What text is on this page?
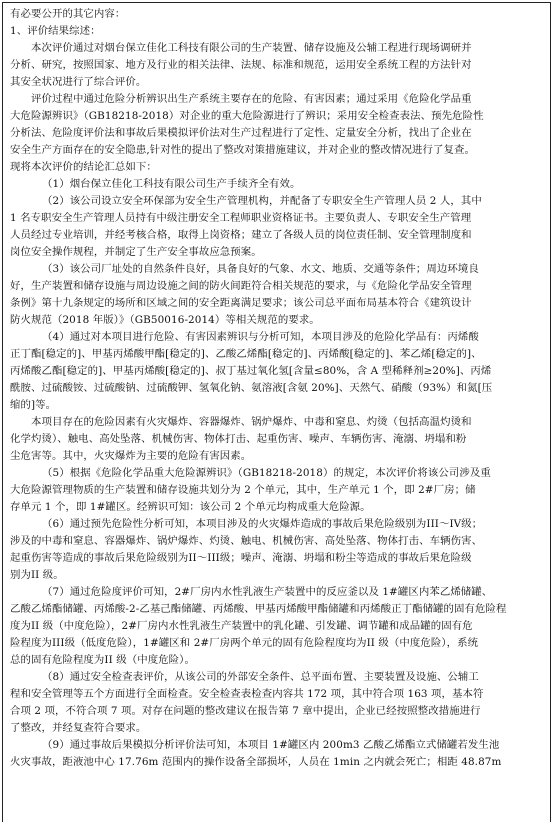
有必要公开的其它内容：
1、评价结果综述：
本次评价通过对烟台保立佳化工科技有限公司的生产装置、储存设施及公辅工程进行现场调研并
分析、研究，按照国家、地方及行业的相关法律、法规、标准和规范，运用安全系统工程的方法针对
其安全状况进行了综合评价。
评价过程中通过危险分析辨识出生产系统主要存在的危险、有害因素；通过采用《危险化学品重
大危险源辨识》（GB18218-2018）对企业的重大危险源进行了辨识；采用安全检查表法、预先危险性
分析法、危险度评价法和事故后果模拟评价法对生产过程进行了定性、定量安全分析，找出了企业在
安全生产方面存在的安全隐患,针对性的提出了整改对策措施建议，并对企业的整改情况进行了复查。
现将本次评价的结论汇总如下：
（1）烟台保立佳化工科技有限公司生产手续齐全有效。
（2）该公司设立安全环保部为安全生产管理机构，并配备了专职安全生产管理人员 2 人，其中
1 名专职安全生产管理人员持有中级注册安全工程师职业资格证书。主要负责人、专职安全生产管理
人员经过专业培训，并经考核合格，取得上岗资格；建立了各级人员的岗位责任制、安全管理制度和
岗位安全操作规程，并制定了生产安全事故应急预案。
（3）该公司厂址处的自然条件良好，具备良好的气象、水文、地质、交通等条件；周边环境良
好，生产装置和储存设施与周边设施之间的防火间距符合相关规范的要求，与《危险化学品安全管理
条例》第十九条规定的场所和区域之间的安全距离满足要求；该公司总平面布局基本符合《建筑设计
防火规范（2018 年版）》（GB50016-2014）等相关规范的要求。
（4）通过对本项目进行危险、有害因素辨识与分析可知，本项目涉及的危险化学品有：丙烯酸
正丁酯[稳定的]、甲基丙烯酸甲酯[稳定的]、乙酸乙烯酯[稳定的]、丙烯酸[稳定的]、苯乙烯[稳定的]、
丙烯酸乙酯[稳定的]、甲基丙烯酸[稳定的]、叔丁基过氧化氢[含量≤80%，含 A 型稀释剂≥20%]、丙烯
酰胺、过硫酸铵、过硫酸钠、过硫酸钾、氢氧化钠、氨溶液[含氨 20%]、天然气、硝酸（93%）和氮[压
缩的]等。
本项目存在的危险因素有火灾爆炸、容器爆炸、锅炉爆炸、中毒和窒息、灼烫（包括高温灼烫和
化学灼烫）、触电、高处坠落、机械伤害、物体打击、起重伤害、噪声、车辆伤害、淹溺、坍塌和粉
尘危害等。其中，火灾爆炸为主要的危险有害因素。
（5）根据《危险化学品重大危险源辨识》（GB18218-2018）的规定，本次评价将该公司涉及重
大危险源管理物质的生产装置和储存设施共划分为 2 个单元，其中，生产单元 1 个，即 2#厂房；储
存单元 1 个，即 1#罐区。经辨识可知：该公司 2 个单元均构成重大危险源。
（6）通过预先危险性分析可知，本项目涉及的火灾爆炸造成的事故后果危险级别为III～IV级；
涉及的中毒和窒息、容器爆炸、锅炉爆炸、灼烫、触电、机械伤害、高处坠落、物体打击、车辆伤害、
起重伤害等造成的事故后果危险级别为II～III级；噪声、淹溺、坍塌和粉尘等造成的事故后果危险级
别为II 级。
（7）通过危险度评价可知，2#厂房内水性乳液生产装置中的反应釜以及 1#罐区内苯乙烯储罐、
乙酸乙烯酯储罐、丙烯酸-2-乙基己酯储罐、丙烯酸、甲基丙烯酸甲酯储罐和丙烯酸正丁酯储罐的固有危险程
度为II 级（中度危险），2#厂房内水性乳液生产装置中的乳化罐、引发罐、调节罐和成品罐的固有危
险程度为III级（低度危险），1#罐区和 2#厂房两个单元的固有危险程度均为II 级（中度危险），系统
总的固有危险程度为II 级（中度危险）。
（8）通过安全检查表评价，从该公司的外部安全条件、总平面布置、主要装置及设施、公辅工
程和安全管理等五个方面进行全面检查。安全检查表检查内容共 172 项，其中符合项 163 项，基本符
合项 2 项，不符合项 7 项。对存在问题的整改建议在报告第 7 章中提出，企业已经按照整改措施进行
了整改，并经复查符合要求。
（9）通过事故后果模拟分析评价法可知，本项目 1#罐区内 200m3 乙酸乙烯酯立式储罐若发生池
火灾事故，距液池中心 17.76m 范围内的操作设备全部损坏，人员在 1min 之内就会死亡；相距 48.87m
